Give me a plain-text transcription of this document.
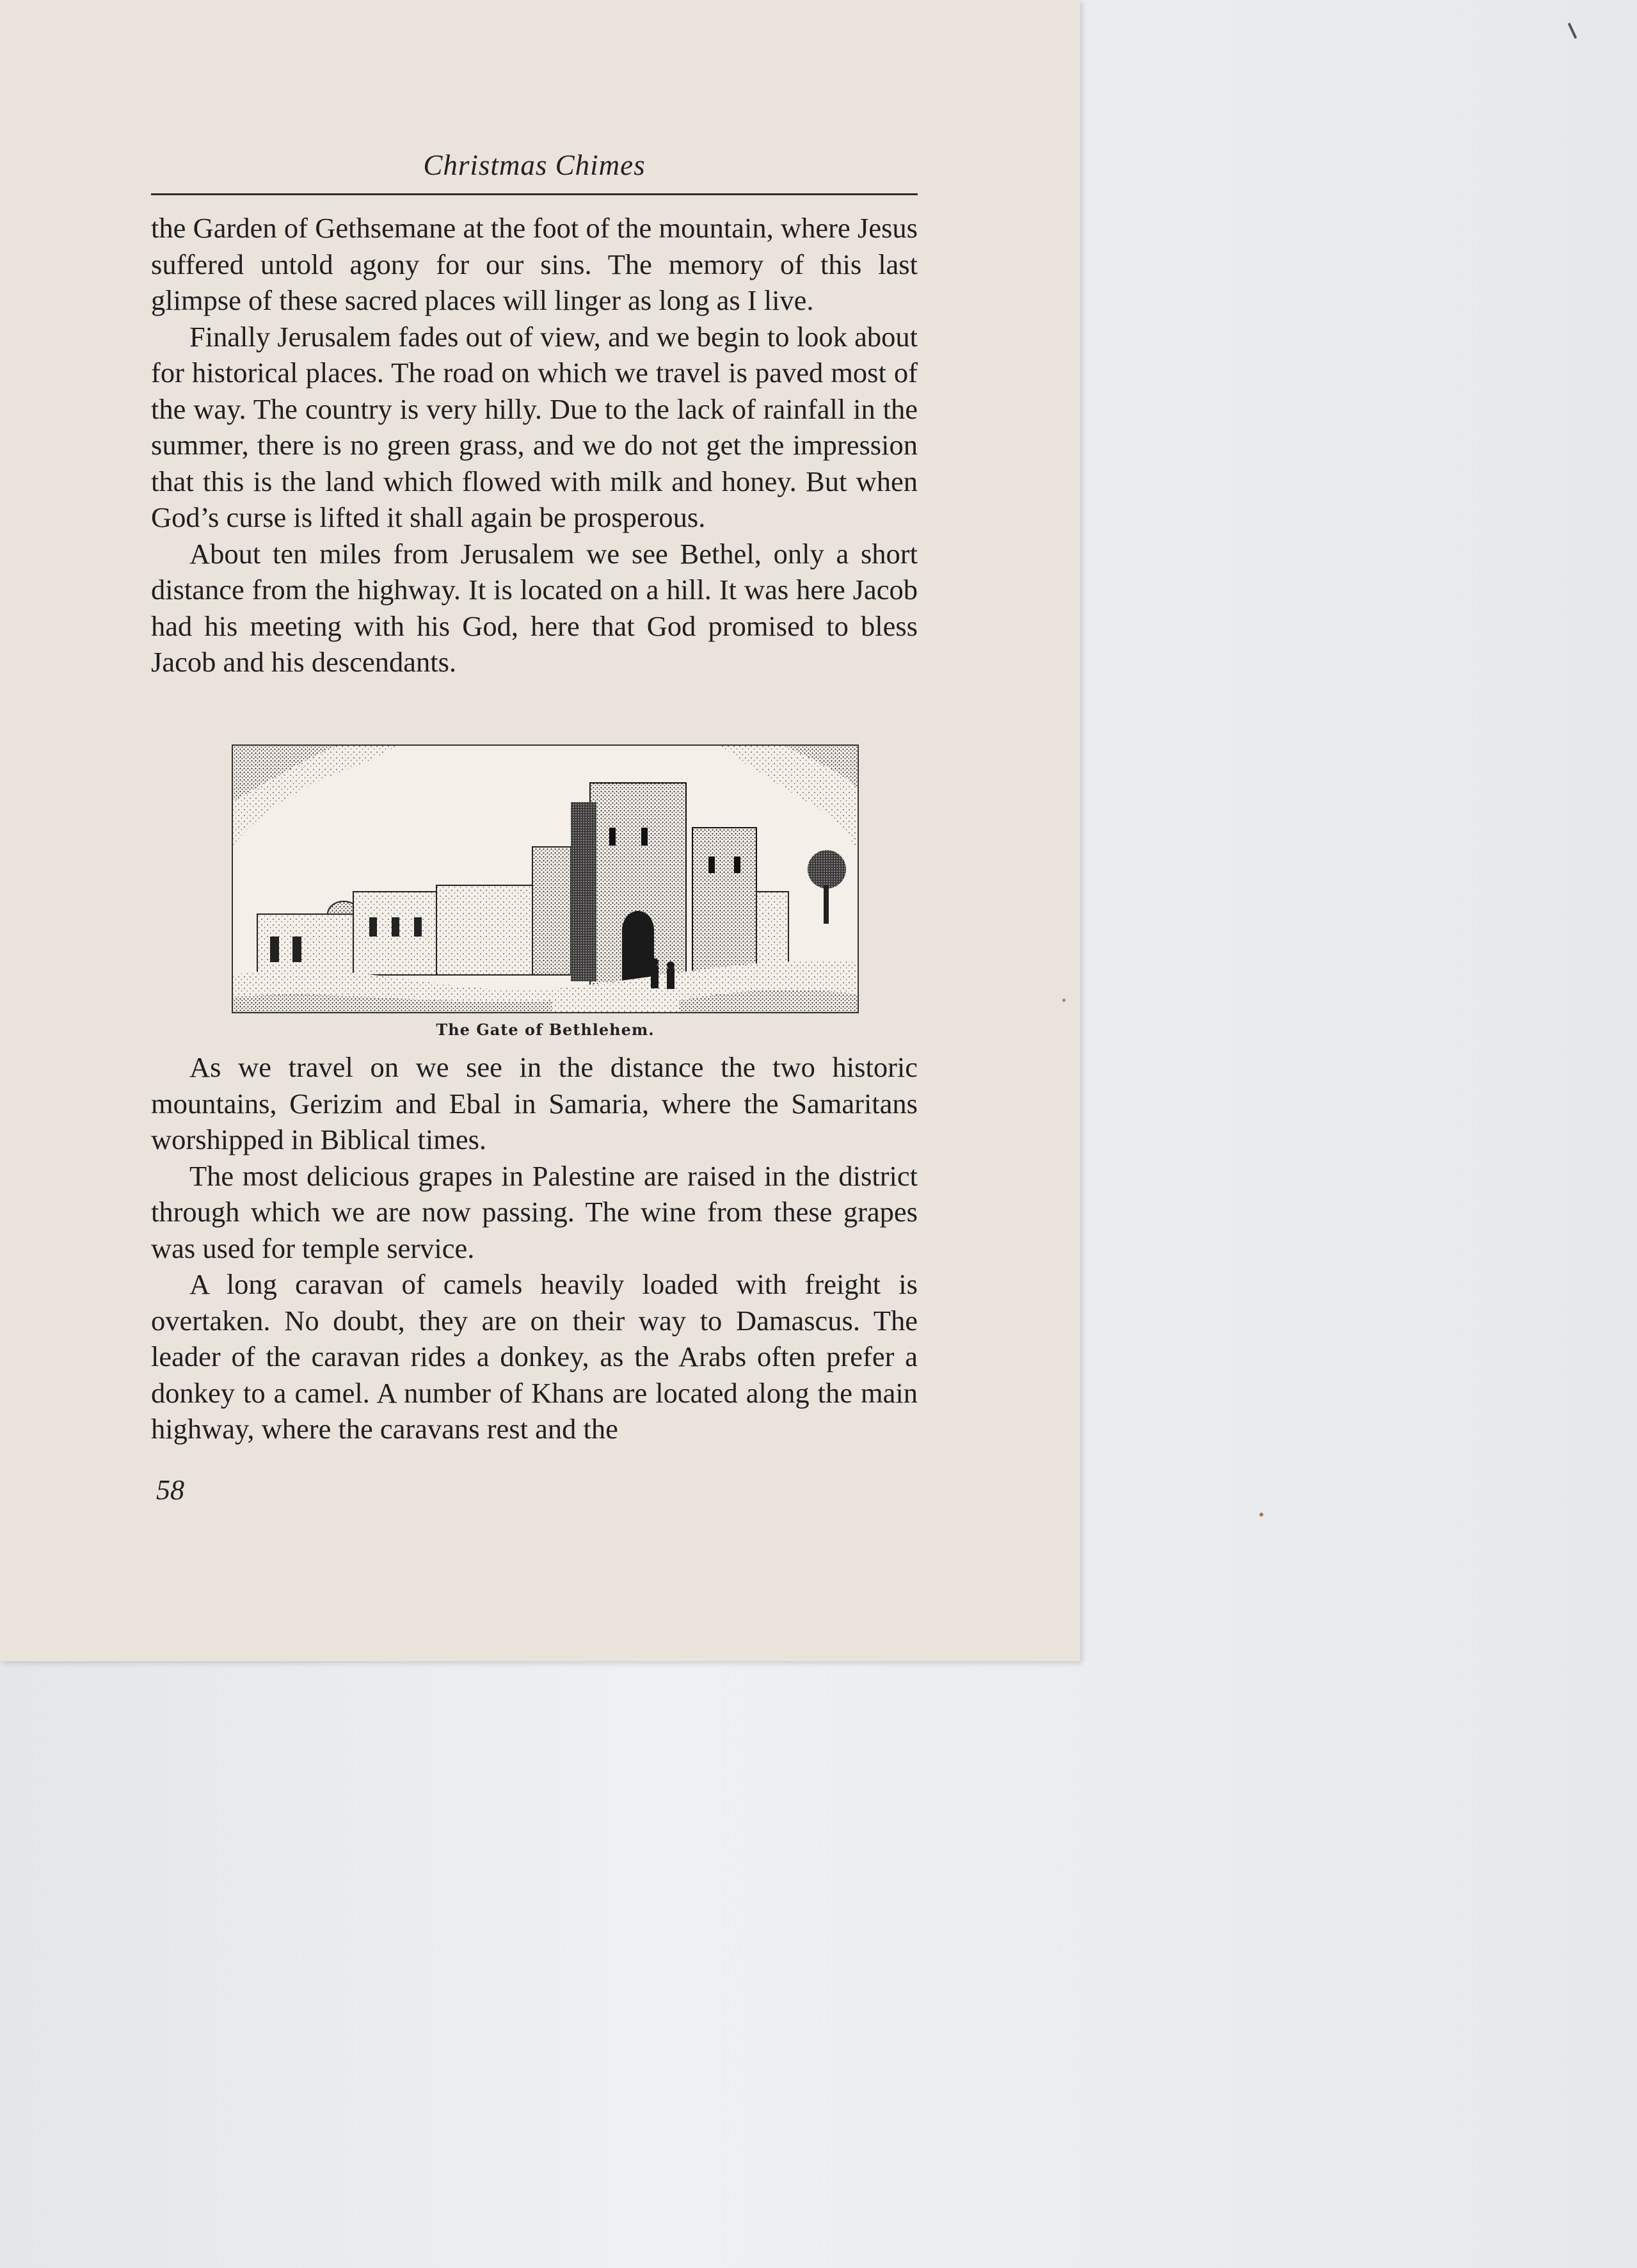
Christmas Chimes

the Garden of Gethsemane at the foot of the mountain, where Jesus suffered untold agony for our sins. The memory of this last glimpse of these sacred places will linger as long as I live.

Finally Jerusalem fades out of view, and we begin to look about for historical places. The road on which we travel is paved most of the way. The country is very hilly. Due to the lack of rainfall in the summer, there is no green grass, and we do not get the impression that this is the land which flowed with milk and honey. But when God’s curse is lifted it shall again be prosperous.

About ten miles from Jerusalem we see Bethel, only a short distance from the highway. It is located on a hill. It was here Jacob had his meeting with his God, here that God promised to bless Jacob and his descendants.

The Gate of Bethlehem.

As we travel on we see in the distance the two historic mountains, Gerizim and Ebal in Samaria, where the Samaritans worshipped in Biblical times.

The most delicious grapes in Palestine are raised in the district through which we are now passing. The wine from these grapes was used for temple service.

A long caravan of camels heavily loaded with freight is overtaken. No doubt, they are on their way to Damascus. The leader of the caravan rides a donkey, as the Arabs often prefer a donkey to a camel. A number of Khans are located along the main highway, where the caravans rest and the

58
